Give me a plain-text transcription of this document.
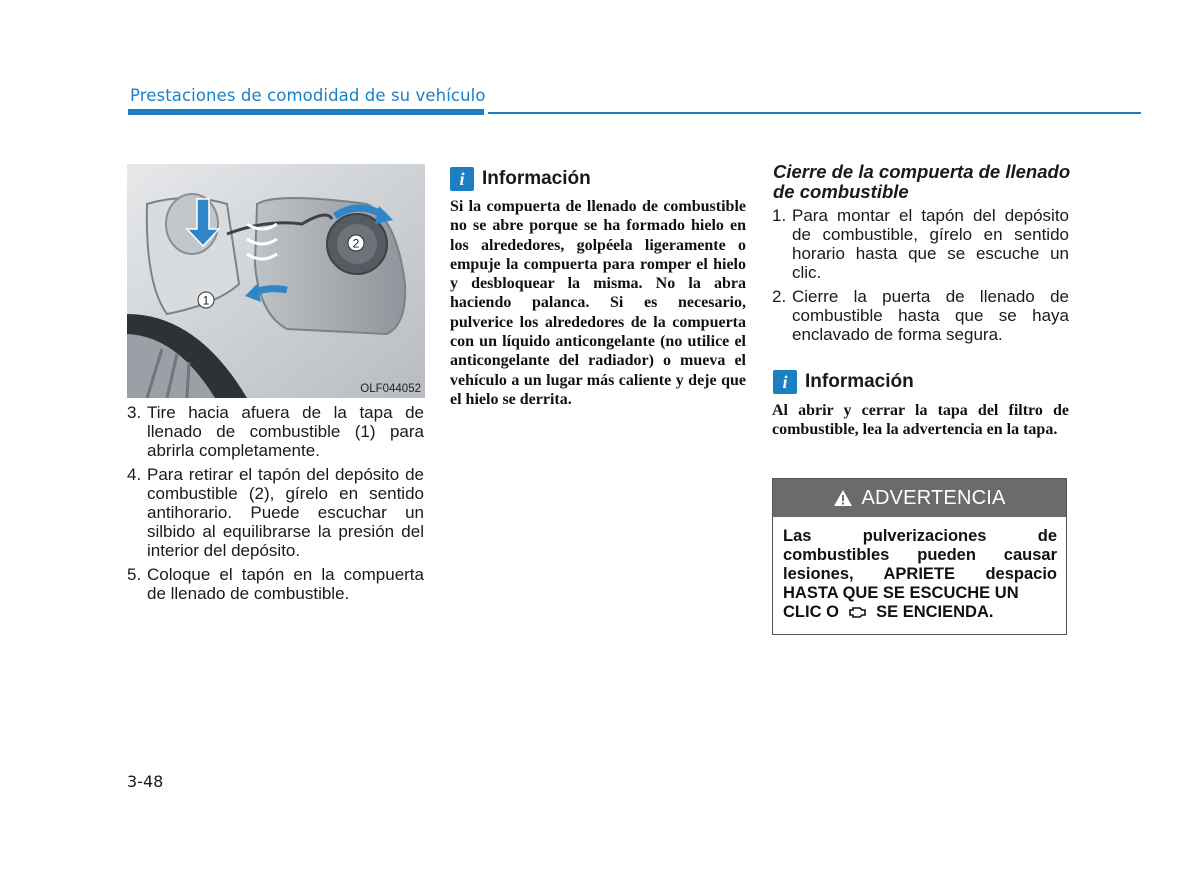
Prestaciones de comodidad de su vehículo
1
2
OLF044052
3. Tire hacia afuera de la tapa de llenado de combustible (1) para abrirla completamente.
4. Para retirar el tapón del depósito de combustible (2), gírelo en sentido antihorario. Puede escuchar un silbido al equilibrarse la presión del interior del depósito.
5. Coloque el tapón en la compuerta de llenado de combustible.
i Información

Si la compuerta de llenado de combustible no se abre porque se ha formado hielo en los alrededores, golpéela ligeramente o empuje la compuerta para romper el hielo y desbloquear la misma. No la abra haciendo palanca. Si es necesario, pulverice los alrededores de la compuerta con un líquido anticongelante (no utilice el anticongelante del radiador) o mueva el vehículo a un lugar más caliente y deje que el hielo se derrita.

Cierre de la compuerta de llenado de combustible
1. Para montar el tapón del depósito de combustible, gírelo en sentido horario hasta que se escuche un clic.
2. Cierre la puerta de llenado de combustible hasta que se haya enclavado de forma segura.
i Información

Al abrir y cerrar la tapa del filtro de combustible, lea la advertencia en la tapa.

ADVERTENCIA
Las pulverizaciones de combustibles pueden causar lesiones, APRIETE despacio HASTA QUE SE ESCUCHE UN
CLIC O SE ENCIENDA.
3-48
